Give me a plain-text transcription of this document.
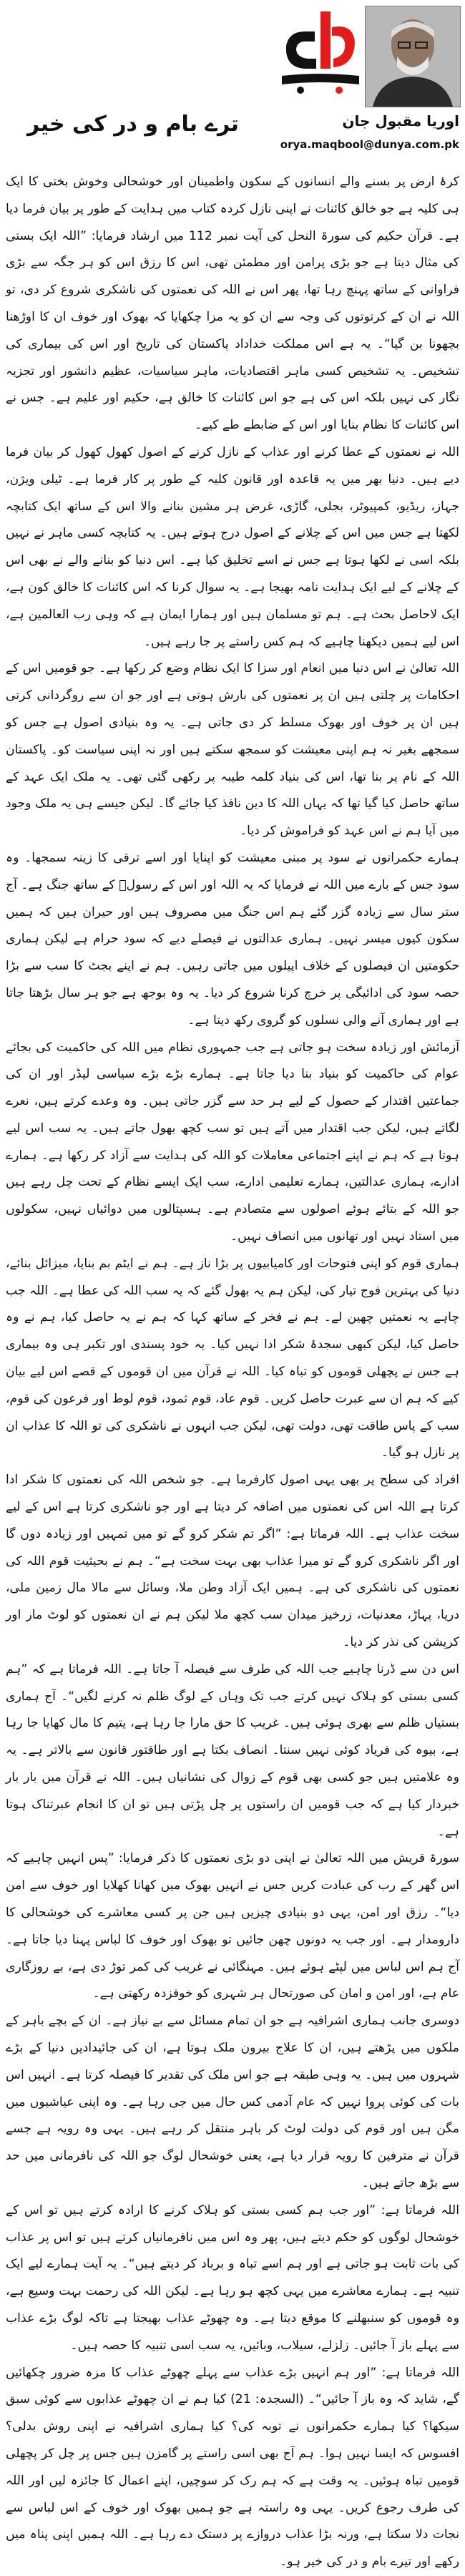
ترے بام و در کی خیر	اوریا مقبول جان
orya.maqbool@dunya.com.pk

کرۂ ارض پر بسنے والے انسانوں کے سکون واطمینان اور خوشحالی وخوش بختی کا ایک ہی کلیہ ہے جو خالق کائنات نے اپنی نازل کردہ کتاب میں ہدایت کے طور پر بیان فرما دیا ہے۔ قرآن حکیم کی سورۃ النحل کی آیت نمبر 112 میں ارشاد فرمایا: ”اللہ ایک بستی کی مثال دیتا ہے جو بڑی پرامن اور مطمئن تھی، اس کا رزق اس کو ہر جگہ سے بڑی فراوانی کے ساتھ پہنچ رہا تھا، پھر اس نے اللہ کی نعمتوں کی ناشکری شروع کر دی، تو اللہ نے ان کے کرتوتوں کی وجہ سے ان کو یہ مزا چکھایا کہ بھوک اور خوف ان کا اوڑھنا بچھونا بن گیا“۔ یہ ہے اس مملکت خداداد پاکستان کی تاریخ اور اس کی بیماری کی تشخیص۔ یہ تشخیص کسی ماہر اقتصادیات، ماہر سیاسیات، عظیم دانشور اور تجزیہ نگار کی نہیں بلکہ اس کی ہے جو اس کائنات کا خالق ہے، حکیم اور علیم ہے۔ جس نے اس کائنات کا نظام بنایا اور اس کے ضابطے طے کیے۔

اللہ نے نعمتوں کے عطا کرنے اور عذاب کے نازل کرنے کے اصول کھول کھول کر بیان فرما دیے ہیں۔ دنیا بھر میں یہ قاعدہ اور قانون کلیہ کے طور پر کار فرما ہے۔ ٹیلی ویژن، جہاز، ریڈیو، کمپیوٹر، بجلی، گاڑی، غرض ہر مشین بنانے والا اس کے ساتھ ایک کتابچہ لکھتا ہے جس میں اس کے چلانے کے اصول درج ہوتے ہیں۔ یہ کتابچہ کسی ماہر نے نہیں بلکہ اسی نے لکھا ہوتا ہے جس نے اسے تخلیق کیا ہے۔ اس دنیا کو بنانے والے نے بھی اس کے چلانے کے لیے ایک ہدایت نامہ بھیجا ہے۔ یہ سوال کرنا کہ اس کائنات کا خالق کون ہے، ایک لاحاصل بحث ہے۔ ہم تو مسلمان ہیں اور ہمارا ایمان ہے کہ وہی رب العالمین ہے، اس لیے ہمیں دیکھنا چاہیے کہ ہم کس راستے پر جا رہے ہیں۔

اللہ تعالیٰ نے اس دنیا میں انعام اور سزا کا ایک نظام وضع کر رکھا ہے۔ جو قومیں اس کے احکامات پر چلتی ہیں ان پر نعمتوں کی بارش ہوتی ہے اور جو ان سے روگردانی کرتی ہیں ان پر خوف اور بھوک مسلط کر دی جاتی ہے۔ یہ وہ بنیادی اصول ہے جس کو سمجھے بغیر نہ ہم اپنی معیشت کو سمجھ سکتے ہیں اور نہ اپنی سیاست کو۔ پاکستان اللہ کے نام پر بنا تھا، اس کی بنیاد کلمہ طیبہ پر رکھی گئی تھی۔ یہ ملک ایک عہد کے ساتھ حاصل کیا گیا تھا کہ یہاں اللہ کا دین نافذ کیا جائے گا۔ لیکن جیسے ہی یہ ملک وجود میں آیا ہم نے اس عہد کو فراموش کر دیا۔

ہمارے حکمرانوں نے سود پر مبنی معیشت کو اپنایا اور اسے ترقی کا زینہ سمجھا۔ وہ سود جس کے بارے میں اللہ نے فرمایا کہ یہ اللہ اور اس کے رسولؐ کے ساتھ جنگ ہے۔ آج ستر سال سے زیادہ گزر گئے ہم اس جنگ میں مصروف ہیں اور حیران ہیں کہ ہمیں سکون کیوں میسر نہیں۔ ہماری عدالتوں نے فیصلے دیے کہ سود حرام ہے لیکن ہماری حکومتیں ان فیصلوں کے خلاف اپیلوں میں جاتی رہیں۔ ہم نے اپنے بجٹ کا سب سے بڑا حصہ سود کی ادائیگی پر خرچ کرنا شروع کر دیا۔ یہ وہ بوجھ ہے جو ہر سال بڑھتا جاتا ہے اور ہماری آنے والی نسلوں کو گروی رکھ دیتا ہے۔

آزمائش اور زیادہ سخت ہو جاتی ہے جب جمہوری نظام میں اللہ کی حاکمیت کی بجائے عوام کی حاکمیت کو بنیاد بنا دیا جاتا ہے۔ ہمارے بڑے بڑے سیاسی لیڈر اور ان کی جماعتیں اقتدار کے حصول کے لیے ہر حد سے گزر جاتی ہیں۔ وہ وعدے کرتے ہیں، نعرے لگاتے ہیں، لیکن جب اقتدار میں آتے ہیں تو سب کچھ بھول جاتے ہیں۔ یہ سب اس لیے ہوتا ہے کہ ہم نے اپنے اجتماعی معاملات کو اللہ کی ہدایت سے آزاد کر رکھا ہے۔ ہمارے ادارے، ہماری عدالتیں، ہمارے تعلیمی ادارے، سب ایک ایسے نظام کے تحت چل رہے ہیں جو اللہ کے بتائے ہوئے اصولوں سے متصادم ہے۔ ہسپتالوں میں دوائیاں نہیں، سکولوں میں استاد نہیں اور تھانوں میں انصاف نہیں۔

ہماری قوم کو اپنی فتوحات اور کامیابیوں پر بڑا ناز ہے۔ ہم نے ایٹم بم بنایا، میزائل بنائے، دنیا کی بہترین فوج تیار کی، لیکن ہم یہ بھول گئے کہ یہ سب اللہ کی عطا ہے۔ اللہ جب چاہے یہ نعمتیں چھین لے۔ ہم نے فخر کے ساتھ کہا کہ ہم نے یہ حاصل کیا، ہم نے وہ حاصل کیا، لیکن کبھی سجدۂ شکر ادا نہیں کیا۔ یہ خود پسندی اور تکبر ہی وہ بیماری ہے جس نے پچھلی قوموں کو تباہ کیا۔ اللہ نے قرآن میں ان قوموں کے قصے اس لیے بیان کیے کہ ہم ان سے عبرت حاصل کریں۔ قوم عاد، قوم ثمود، قوم لوط اور فرعون کی قوم، سب کے پاس طاقت تھی، دولت تھی، لیکن جب انہوں نے ناشکری کی تو اللہ کا عذاب ان پر نازل ہو گیا۔

افراد کی سطح پر بھی یہی اصول کارفرما ہے۔ جو شخص اللہ کی نعمتوں کا شکر ادا کرتا ہے اللہ اس کی نعمتوں میں اضافہ کر دیتا ہے اور جو ناشکری کرتا ہے اس کے لیے سخت عذاب ہے۔ اللہ فرماتا ہے: ”اگر تم شکر کرو گے تو میں تمہیں اور زیادہ دوں گا اور اگر ناشکری کرو گے تو میرا عذاب بھی بہت سخت ہے“۔ ہم نے بحیثیت قوم اللہ کی نعمتوں کی ناشکری کی ہے۔ ہمیں ایک آزاد وطن ملا، وسائل سے مالا مال زمین ملی، دریا، پہاڑ، معدنیات، زرخیز میدان سب کچھ ملا لیکن ہم نے ان نعمتوں کو لوٹ مار اور کرپشن کی نذر کر دیا۔

اس دن سے ڈرنا چاہیے جب اللہ کی طرف سے فیصلہ آ جاتا ہے۔ اللہ فرماتا ہے کہ ”ہم کسی بستی کو ہلاک نہیں کرتے جب تک وہاں کے لوگ ظلم نہ کرنے لگیں“۔ آج ہماری بستیاں ظلم سے بھری ہوئی ہیں۔ غریب کا حق مارا جا رہا ہے، یتیم کا مال کھایا جا رہا ہے، بیوہ کی فریاد کوئی نہیں سنتا۔ انصاف بکتا ہے اور طاقتور قانون سے بالاتر ہے۔ یہ وہ علامتیں ہیں جو کسی بھی قوم کے زوال کی نشانیاں ہیں۔ اللہ نے قرآن میں بار بار خبردار کیا ہے کہ جب قومیں ان راستوں پر چل پڑتی ہیں تو ان کا انجام عبرتناک ہوتا ہے۔

سورۃ قریش میں اللہ تعالیٰ نے اپنی دو بڑی نعمتوں کا ذکر فرمایا: ”پس انہیں چاہیے کہ اس گھر کے رب کی عبادت کریں جس نے انہیں بھوک میں کھانا کھلایا اور خوف سے امن دیا“۔ رزق اور امن، یہی دو بنیادی چیزیں ہیں جن پر کسی معاشرے کی خوشحالی کا دارومدار ہے۔ اور جب یہ دونوں چھن جائیں تو بھوک اور خوف کا لباس پہنا دیا جاتا ہے۔ آج ہم اس لباس میں لپٹے ہوئے ہیں۔ مہنگائی نے غریب کی کمر توڑ دی ہے، بے روزگاری عام ہے، اور امن و امان کی صورتحال ہر شہری کو خوفزدہ رکھتی ہے۔

دوسری جانب ہماری اشرافیہ ہے جو ان تمام مسائل سے بے نیاز ہے۔ ان کے بچے باہر کے ملکوں میں پڑھتے ہیں، ان کا علاج بیرون ملک ہوتا ہے، ان کی جائیدادیں دنیا کے بڑے شہروں میں ہیں۔ یہ وہی طبقہ ہے جو اس ملک کی تقدیر کا فیصلہ کرتا ہے۔ انہیں اس بات کی کوئی پروا نہیں کہ عام آدمی کس حال میں جی رہا ہے۔ وہ اپنی عیاشیوں میں مگن ہیں اور قوم کی دولت لوٹ کر باہر منتقل کر رہے ہیں۔ یہی وہ رویہ ہے جسے قرآن نے مترفین کا رویہ قرار دیا ہے، یعنی خوشحال لوگ جو اللہ کی نافرمانی میں حد سے بڑھ جاتے ہیں۔

اللہ فرماتا ہے: ”اور جب ہم کسی بستی کو ہلاک کرنے کا ارادہ کرتے ہیں تو اس کے خوشحال لوگوں کو حکم دیتے ہیں، پھر وہ اس میں نافرمانیاں کرتے ہیں تو اس پر عذاب کی بات ثابت ہو جاتی ہے اور ہم اسے تباہ و برباد کر دیتے ہیں“۔ یہ آیت ہمارے لیے ایک تنبیہ ہے۔ ہمارے معاشرے میں یہی کچھ ہو رہا ہے۔ لیکن اللہ کی رحمت بہت وسیع ہے، وہ قوموں کو سنبھلنے کا موقع دیتا ہے۔ وہ چھوٹے عذاب بھیجتا ہے تاکہ لوگ بڑے عذاب سے پہلے باز آ جائیں۔ زلزلے، سیلاب، وبائیں، یہ سب اسی تنبیہ کا حصہ ہیں۔

اللہ فرماتا ہے: ”اور ہم انہیں بڑے عذاب سے پہلے چھوٹے عذاب کا مزہ ضرور چکھائیں گے، شاید کہ وہ باز آ جائیں“۔ (السجدہ: 21) کیا ہم نے ان چھوٹے عذابوں سے کوئی سبق سیکھا؟ کیا ہمارے حکمرانوں نے توبہ کی؟ کیا ہماری اشرافیہ نے اپنی روش بدلی؟ افسوس کہ ایسا نہیں ہوا۔ ہم آج بھی اسی راستے پر گامزن ہیں جس پر چل کر پچھلی قومیں تباہ ہوئیں۔ یہ وقت ہے کہ ہم رک کر سوچیں، اپنے اعمال کا جائزہ لیں اور اللہ کی طرف رجوع کریں۔ یہی وہ راستہ ہے جو ہمیں بھوک اور خوف کے اس لباس سے نجات دلا سکتا ہے، ورنہ بڑا عذاب دروازے پر دستک دے رہا ہے۔ اللہ ہمیں اپنی پناہ میں رکھے اور تیرے بام و در کی خیر ہو۔
